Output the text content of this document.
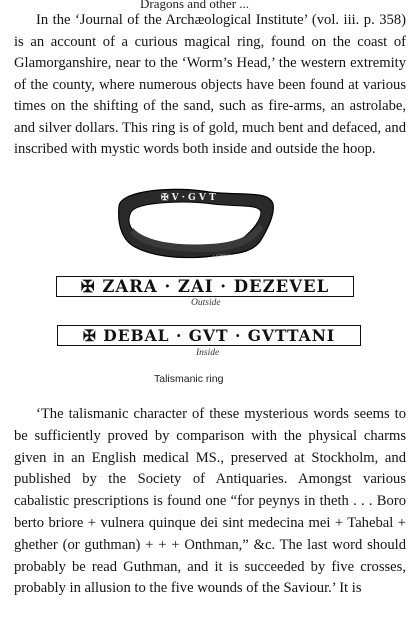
Dragons and other ...

In the ‘Journal of the Archæological Institute’ (vol. iii. p. 358) is an account of a curious magical ring, found on the coast of Glamorganshire, near to the ‘Worm’s Head,’ the western extremity of the county, where numerous objects have been found at various times on the shifting of the sand, such as fire-arms, an astrolabe, and silver dollars. This ring is of gold, much bent and defaced, and inscribed with mystic words both inside and outside the hoop.

✠ V · G V T
J. Sibley sc.
✠ ZARA · ZAI · DEZEVEL
Outside
✠ DEBAL · GVT · GVTTANI
Inside
Talismanic ring

‘The talismanic character of these mysterious words seems to be sufficiently proved by comparison with the physical charms given in an English medical MS., preserved at Stockholm, and published by the Society of Antiquaries. Amongst various cabalistic prescriptions is found one “for peynys in theth . . . Boro berto briore + vulnera quinque dei sint medecina mei + Tahebal + ghether (or guthman) + + + Onthman,” &c. The last word should probably be read Guthman, and it is succeeded by five crosses, probably in allusion to the five wounds of the Saviour.’ It is
